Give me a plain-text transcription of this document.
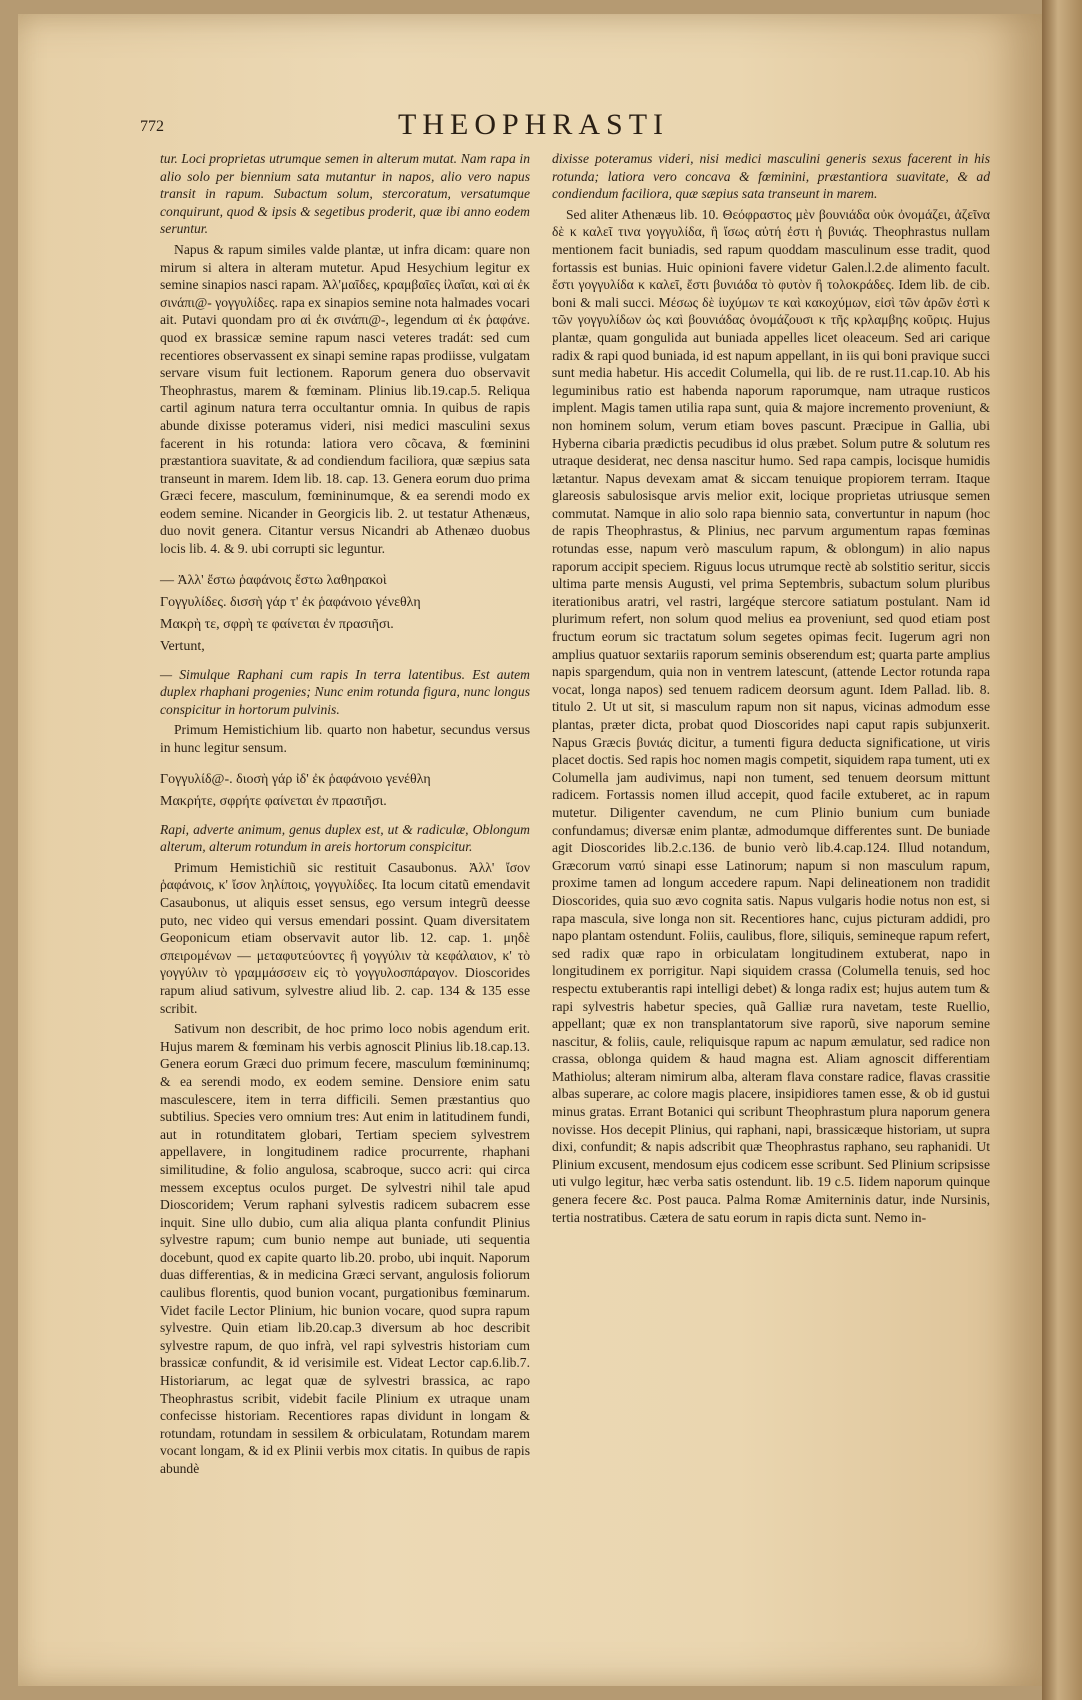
772	THEOPHRASTI

tur. Loci proprietas utrumque semen in alterum mutat. Nam rapa in alio solo per biennium sata mutantur in napos, alio vero napus transit in rapum. Subactum solum, stercoratum, versatumque conquirunt, quod & ipsis & segetibus proderit, quæ ibi anno eodem seruntur.

Napus & rapum similes valde plantæ, ut infra dicam: quare non mirum si altera in alteram mutetur. Apud Hesychium legitur ex semine sinapios nasci rapam. Ἀλ'μαῖδες, κραμβαῖες ἰλαῖαι, καὶ αἱ ἐκ σινάπι@- γογγυλίδες. rapa ex sinapios semine nota halmades vocari ait. Putavi quondam pro αἱ ἐκ σινάπι@-, legendum αἱ ἐκ ῥαφάνε. quod ex brassicæ semine rapum nasci veteres tradát: sed cum recentiores observassent ex sinapi semine rapas prodiisse, vulgatam servare visum fuit lectionem. Raporum genera duo observavit Theophrastus, marem & fœminam. Plinius lib.19.cap.5. Reliqua cartil aginum natura terra occultantur omnia. In quibus de rapis abunde dixisse poteramus videri, nisi medici masculini sexus facerent in his rotunda: latiora vero cõcava, & fœminini præstantiora suavitate, & ad condiendum faciliora, quæ sæpius sata transeunt in marem. Idem lib. 18. cap. 13. Genera eorum duo prima Græci fecere, masculum, fœmininumque, & ea serendi modo ex eodem semine. Nicander in Georgicis lib. 2. ut testatur Athenæus, duo novit genera. Citantur versus Nicandri ab Athenæo duobus locis lib. 4. & 9. ubi corrupti sic leguntur.

— Ἀλλ' ἔστω ῥαφάνοις ἔστω λαθηρακοὶ
Γογγυλίδες. δισσὴ γάρ τ' ἐκ ῥαφάνοιο γένεθλη
Μακρὴ τε, σφρὴ τε φαίνεται ἐν πρασιῆσι.
Vertunt,

— Simulque Raphani cum rapis In terra latentibus. Est autem duplex rhaphani progenies; Nunc enim rotunda figura, nunc longus conspicitur in hortorum pulvinis.

Primum Hemistichium lib. quarto non habetur, secundus versus in hunc legitur sensum.

Γογγυλίδ@-. διοσὴ γάρ ἰδ' ἐκ ῥαφάνοιο γενέθλη
Μακρήτε, σφρήτε φαίνεται ἐν πρασιῆσι.

Rapi, adverte animum, genus duplex est, ut & radiculæ, Oblongum alterum, alterum rotundum in areis hortorum conspicitur.

Primum Hemistichiũ sic restituit Casaubonus. Ἀλλ' ἴσον ῥαφάνοις, κ' ἴσον ληλίποις, γογγυλίδες. Ita locum citatũ emendavit Casaubonus, ut aliquis esset sensus, ego versum integrũ deesse puto, nec video qui versus emendari possint. Quam diversitatem Geoponicum etiam observavit autor lib. 12. cap. 1. μηδὲ σπειρομένων — μεταφυτεύοντες ἢ γογγύλιν τὰ κεφάλαιον, κ' τὸ γογγύλιν τὸ γραμμάσσειν εἰς τὸ γογγυλοσπάραγον. Dioscorides rapum aliud sativum, sylvestre aliud lib. 2. cap. 134 & 135 esse scribit.

Sativum non describit, de hoc primo loco nobis agendum erit. Hujus marem & fœminam his verbis agnoscit Plinius lib.18.cap.13. Genera eorum Græci duo primum fecere, masculum fœmininumq; & ea serendi modo, ex eodem semine. Densiore enim satu masculescere, item in terra difficili. Semen præstantius quo subtilius. Species vero omnium tres: Aut enim in latitudinem fundi, aut in rotunditatem globari, Tertiam speciem sylvestrem appellavere, in longitudinem radice procurrente, rhaphani similitudine, & folio angulosa, scabroque, succo acri: qui circa messem exceptus oculos purget. De sylvestri nihil tale apud Dioscoridem; Verum raphani sylvestis radicem subacrem esse inquit. Sine ullo dubio, cum alia aliqua planta confundit Plinius sylvestre rapum; cum bunio nempe aut buniade, uti sequentia docebunt, quod ex capite quarto lib.20. probo, ubi inquit. Naporum duas differentias, & in medicina Græci servant, angulosis foliorum caulibus florentis, quod bunion vocant, purgationibus fœminarum. Videt facile Lector Plinium, hic bunion vocare, quod supra rapum sylvestre. Quin etiam lib.20.cap.3 diversum ab hoc describit sylvestre rapum, de quo infrà, vel rapi sylvestris historiam cum brassicæ confundit, & id verisimile est. Videat Lector cap.6.lib.7. Historiarum, ac legat quæ de sylvestri brassica, ac rapo Theophrastus scribit, videbit facile Plinium ex utraque unam confecisse historiam. Recentiores rapas dividunt in longam & rotundam, rotundam in sessilem & orbiculatam, Rotundam marem vocant longam, & id ex Plinii verbis mox citatis. In quibus de rapis abundè

dixisse poteramus videri, nisi medici masculini generis sexus facerent in his rotunda; latiora vero concava & fœminini, præstantiora suavitate, & ad condiendum faciliora, quæ sæpius sata transeunt in marem.

Sed aliter Athenæus lib. 10. Θεόφραστος μὲν βουνιάδα οὐκ ὀνομάζει, ἀζεῖνα δὲ κ καλεῖ τινα γογγυλίδα, ἢ ἴσως αὐτή ἐστι ἡ βυνιάς. Theophrastus nullam mentionem facit buniadis, sed rapum quoddam masculinum esse tradit, quod fortassis est bunias. Huic opinioni favere videtur Galen.l.2.de alimento facult. ἔστι γογγυλίδα κ καλεῖ, ἔστι βυνιάδα τὸ φυτὸν ἢ τολοκράδες. Idem lib. de cib. boni & mali succi. Μέσως δὲ ἰυχύμων τε καὶ κακοχύμων, εἰσὶ τῶν ἀρῶν ἐστὶ κ τῶν γογγυλίδων ὡς καὶ βουνιάδας ὀνομάζουσι κ τῆς κρλαμβης κοῦρις. Hujus plantæ, quam gongulida aut buniada appelles licet oleaceum. Sed ari carique radix & rapi quod buniada, id est napum appellant, in iis qui boni pravique succi sunt media habetur. His accedit Columella, qui lib. de re rust.11.cap.10. Ab his leguminibus ratio est habenda naporum raporumque, nam utraque rusticos implent. Magis tamen utilia rapa sunt, quia & majore incremento proveniunt, & non hominem solum, verum etiam boves pascunt. Præcipue in Gallia, ubi Hyberna cibaria prædictis pecudibus id olus præbet. Solum putre & solutum res utraque desiderat, nec densa nascitur humo. Sed rapa campis, locisque humidis lætantur. Napus devexam amat & siccam tenuique propiorem terram. Itaque glareosis sabulosisque arvis melior exit, locique proprietas utriusque semen commutat. Namque in alio solo rapa biennio sata, convertuntur in napum (hoc de rapis Theophrastus, & Plinius, nec parvum argumentum rapas fœminas rotundas esse, napum verò masculum rapum, & oblongum) in alio napus raporum accipit speciem. Riguus locus utrumque rectè ab solstitio seritur, siccis ultima parte mensis Augusti, vel prima Septembris, subactum solum pluribus iterationibus aratri, vel rastri, largéque stercore satiatum postulant. Nam id plurimum refert, non solum quod melius ea proveniunt, sed quod etiam post fructum eorum sic tractatum solum segetes opimas fecit. Iugerum agri non amplius quatuor sextariis raporum seminis obserendum est; quarta parte amplius napis spargendum, quia non in ventrem latescunt, (attende Lector rotunda rapa vocat, longa napos) sed tenuem radicem deorsum agunt. Idem Pallad. lib. 8. titulo 2. Ut ut sit, si masculum rapum non sit napus, vicinas admodum esse plantas, præter dicta, probat quod Dioscorides napi caput rapis subjunxerit. Napus Græcis βυνιάς dicitur, a tumenti figura deducta significatione, ut viris placet doctis. Sed rapis hoc nomen magis competit, siquidem rapa tument, uti ex Columella jam audivimus, napi non tument, sed tenuem deorsum mittunt radicem. Fortassis nomen illud accepit, quod facile extuberet, ac in rapum mutetur. Diligenter cavendum, ne cum Plinio bunium cum buniade confundamus; diversæ enim plantæ, admodumque differentes sunt. De buniade agit Dioscorides lib.2.c.136. de bunio verò lib.4.cap.124. Illud notandum, Græcorum ναπύ sinapi esse Latinorum; napum si non masculum rapum, proxime tamen ad longum accedere rapum. Napi delineationem non tradidit Dioscorides, quia suo ævo cognita satis. Napus vulgaris hodie notus non est, si rapa mascula, sive longa non sit. Recentiores hanc, cujus picturam addidi, pro napo plantam ostendunt. Foliis, caulibus, flore, siliquis, semineque rapum refert, sed radix quæ rapo in orbiculatam longitudinem extuberat, napo in longitudinem ex porrigitur. Napi siquidem crassa (Columella tenuis, sed hoc respectu extuberantis rapi intelligi debet) & longa radix est; hujus autem tum & rapi sylvestris habetur species, quã Galliæ rura navetam, teste Ruellio, appellant; quæ ex non transplantatorum sive raporũ, sive naporum semine nascitur, & foliis, caule, reliquisque rapum ac napum æmulatur, sed radice non crassa, oblonga quidem & haud magna est. Aliam agnoscit differentiam Mathiolus; alteram nimirum alba, alteram flava constare radice, flavas crassitie albas superare, ac colore magis placere, insipidiores tamen esse, & ob id gustui minus gratas. Errant Botanici qui scribunt Theophrastum plura naporum genera novisse. Hos decepit Plinius, qui raphani, napi, brassicæque historiam, ut supra dixi, confundit; & napis adscribit quæ Theophrastus raphano, seu raphanidi. Ut Plinium excusent, mendosum ejus codicem esse scribunt. Sed Plinium scripsisse uti vulgo legitur, hæc verba satis ostendunt. lib. 19 c.5. Iidem naporum quinque genera fecere &c. Post pauca. Palma Romæ Amiterninis datur, inde Nursinis, tertia nostratibus. Cætera de satu eorum in rapis dicta sunt. Nemo in-
